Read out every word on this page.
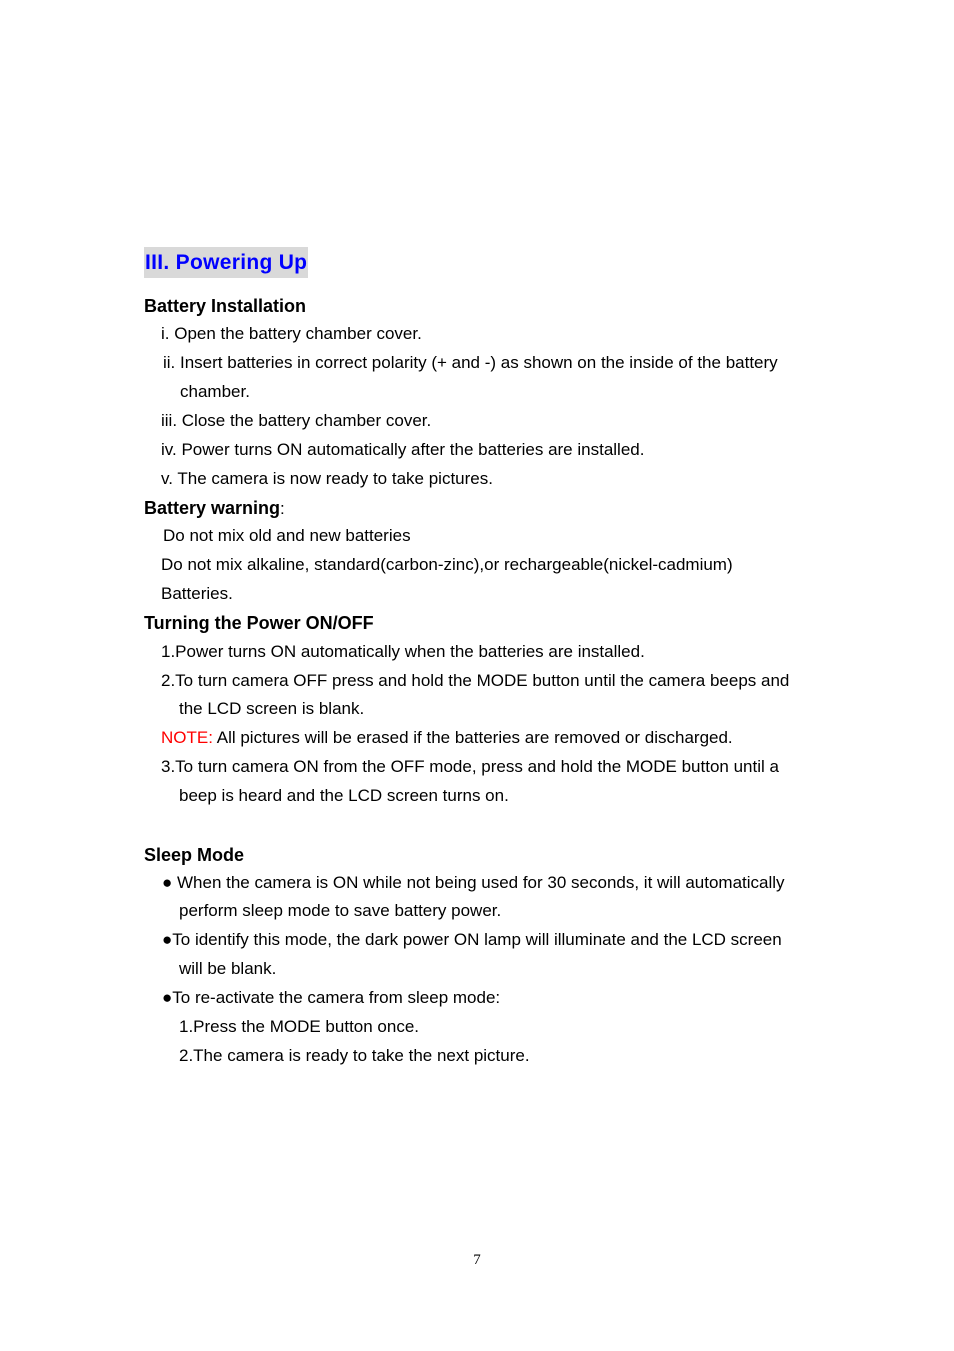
III. Powering Up
Battery Installation
i. Open the battery chamber cover.
ii. Insert batteries in correct polarity (+ and -) as shown on the inside of the battery
chamber.
iii. Close the battery chamber cover.
iv. Power turns ON automatically after the batteries are installed.
v. The camera is now ready to take pictures.
Battery warning:
Do not mix old and new batteries
Do not mix alkaline, standard(carbon-zinc),or rechargeable(nickel-cadmium)
Batteries.
Turning the Power ON/OFF
1.Power turns ON automatically when the batteries are installed.
2.To turn camera OFF press and hold the MODE button until the camera beeps and
the LCD screen is blank.
NOTE: All pictures will be erased if the batteries are removed or discharged.
3.To turn camera ON from the OFF mode, press and hold the MODE button until a
beep is heard and the LCD screen turns on.
Sleep Mode
● When the camera is ON while not being used for 30 seconds, it will automatically
perform sleep mode to save battery power.
●To identify this mode, the dark power ON lamp will illuminate and the LCD screen
will be blank.
●To re-activate the camera from sleep mode:
1.Press the MODE button once.
2.The camera is ready to take the next picture.
7
